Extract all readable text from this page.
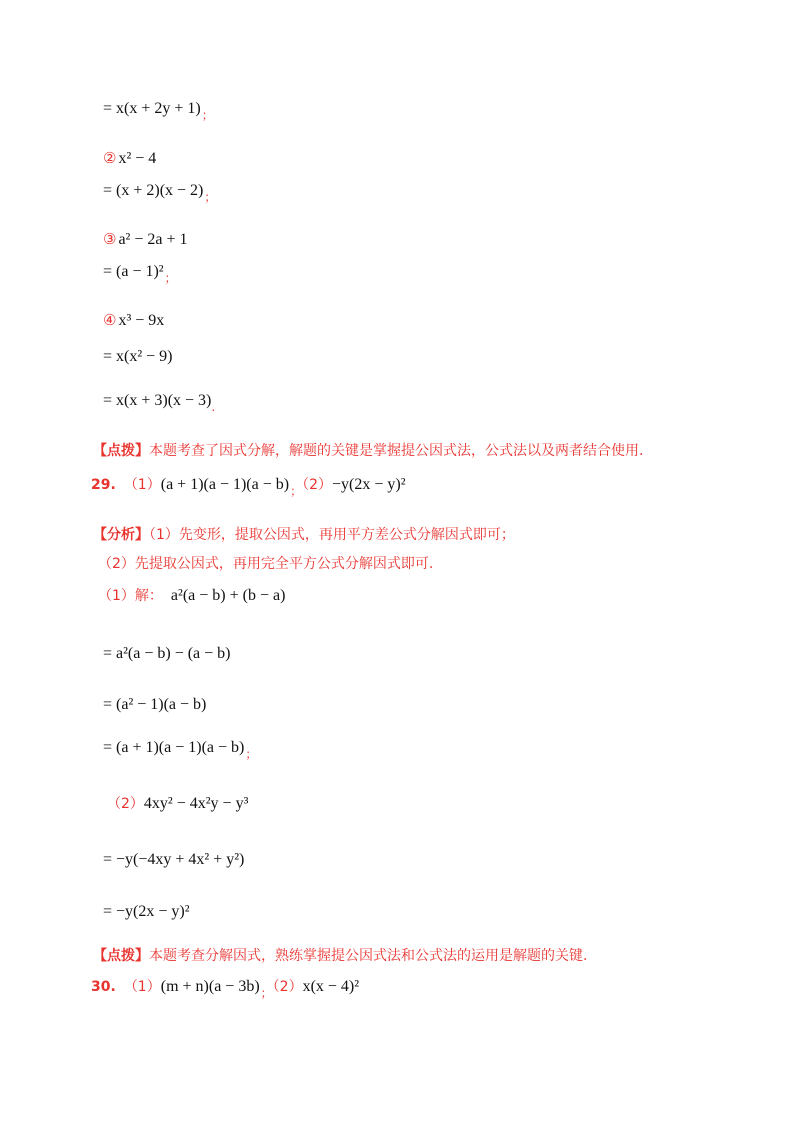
= $x(x + 2y + 1)_;$
② x² − 4
= $(x + 2)(x - 2)_;$
③ a² − 2a + 1
= $(a - 1)^2_;$
④ x³ − 9x
= x(x² − 9)
= $x(x + 3)(x - 3)_.$
【点拨】本题考查了因式分解，解题的关键是掌握提公因式法，公式法以及两者结合使用.
29. $(1)(a + 1)(a - 1)(a - b)_;(2)-y(2x - y)^2$
【分析】（1）先变形，提取公因式，再用平方差公式分解因式即可；
（2）先提取公因式，再用完全平方公式分解因式即可.
（1）解： a²(a − b) + (b − a)
= a²(a − b) − (a − b)
= (a² − 1)(a − b)
= $(a + 1)(a - 1)(a - b)_;$
（2）4xy² − 4x²y − y³
= −y(−4xy + 4x² + y²)
= −y(2x − y)²
【点拨】本题考查分解因式，熟练掌握提公因式法和公式法的运用是解题的关键.
30. $(1)(m + n)(a - 3b)_;(2)x(x - 4)^2$
